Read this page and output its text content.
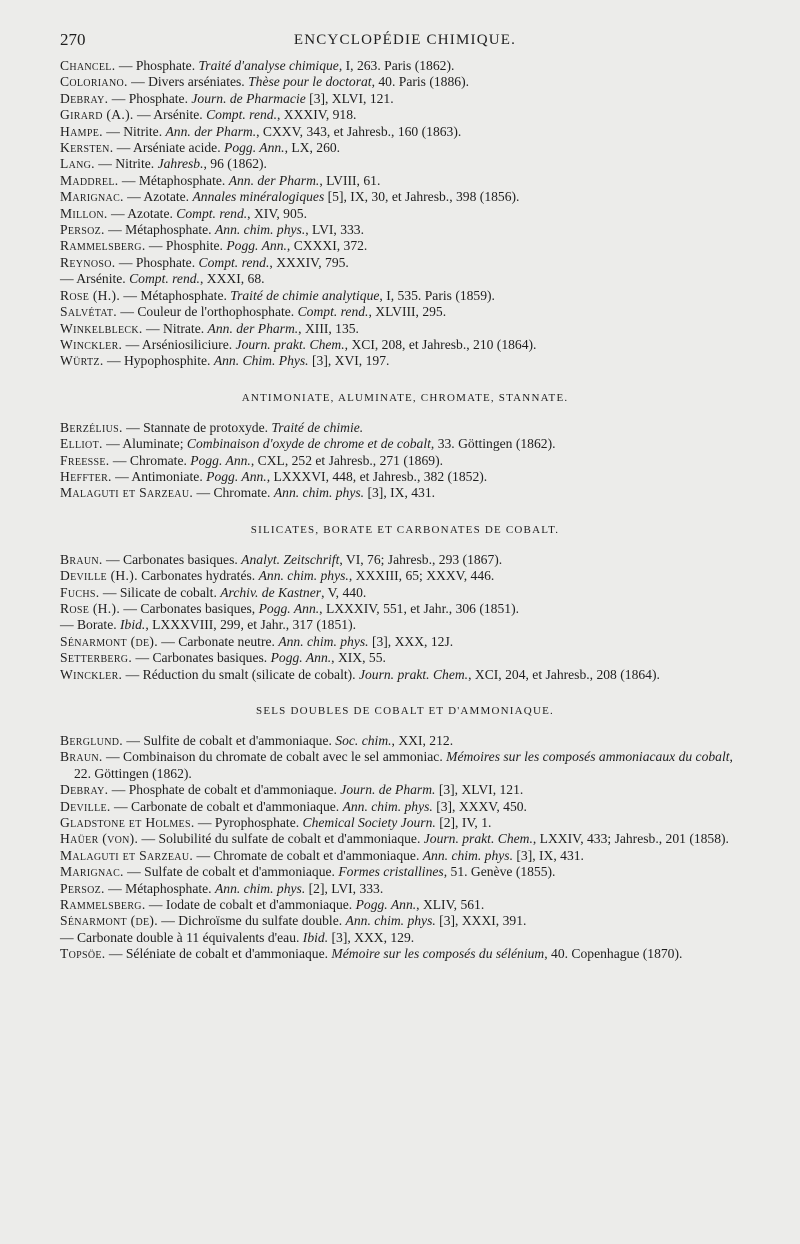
270	ENCYCLOPÉDIE CHIMIQUE.

Chancel. — Phosphate. Traité d'analyse chimique, I, 263. Paris (1862).

Coloriano. — Divers arséniates. Thèse pour le doctorat, 40. Paris (1886).

Debray. — Phosphate. Journ. de Pharmacie [3], XLVI, 121.

Girard (A.). — Arsénite. Compt. rend., XXXIV, 918.

Hampe. — Nitrite. Ann. der Pharm., CXXV, 343, et Jahresb., 160 (1863).

Kersten. — Arséniate acide. Pogg. Ann., LX, 260.

Lang. — Nitrite. Jahresb., 96 (1862).

Maddrel. — Métaphosphate. Ann. der Pharm., LVIII, 61.

Marignac. — Azotate. Annales minéralogiques [5], IX, 30, et Jahresb., 398 (1856).

Millon. — Azotate. Compt. rend., XIV, 905.

Persoz. — Métaphosphate. Ann. chim. phys., LVI, 333.

Rammelsberg. — Phosphite. Pogg. Ann., CXXXI, 372.

Reynoso. — Phosphate. Compt. rend., XXXIV, 795.

— Arsénite. Compt. rend., XXXI, 68.

Rose (H.). — Métaphosphate. Traité de chimie analytique, I, 535. Paris (1859).

Salvétat. — Couleur de l'orthophosphate. Compt. rend., XLVIII, 295.

Winkelbleck. — Nitrate. Ann. der Pharm., XIII, 135.

Winckler. — Arséniosiliciure. Journ. prakt. Chem., XCI, 208, et Jahresb., 210 (1864).

Würtz. — Hypophosphite. Ann. Chim. Phys. [3], XVI, 197.

ANTIMONIATE, ALUMINATE, CHROMATE, STANNATE.

Berzélius. — Stannate de protoxyde. Traité de chimie.

Elliot. — Aluminate; Combinaison d'oxyde de chrome et de cobalt, 33. Göttingen (1862).

Freesse. — Chromate. Pogg. Ann., CXL, 252 et Jahresb., 271 (1869).

Heffter. — Antimoniate. Pogg. Ann., LXXXVI, 448, et Jahresb., 382 (1852).

Malaguti et Sarzeau. — Chromate. Ann. chim. phys. [3], IX, 431.

SILICATES, BORATE ET CARBONATES DE COBALT.

Braun. — Carbonates basiques. Analyt. Zeitschrift, VI, 76; Jahresb., 293 (1867).

Deville (H.). Carbonates hydratés. Ann. chim. phys., XXXIII, 65; XXXV, 446.

Fuchs. — Silicate de cobalt. Archiv. de Kastner, V, 440.

Rose (H.). — Carbonates basiques, Pogg. Ann., LXXXIV, 551, et Jahr., 306 (1851).

— Borate. Ibid., LXXXVIII, 299, et Jahr., 317 (1851).

Sénarmont (de). — Carbonate neutre. Ann. chim. phys. [3], XXX, 12J.

Setterberg. — Carbonates basiques. Pogg. Ann., XIX, 55.

Winckler. — Réduction du smalt (silicate de cobalt). Journ. prakt. Chem., XCI, 204, et Jahresb., 208 (1864).

SELS DOUBLES DE COBALT ET D'AMMONIAQUE.

Berglund. — Sulfite de cobalt et d'ammoniaque. Soc. chim., XXI, 212.

Braun. — Combinaison du chromate de cobalt avec le sel ammoniac. Mémoires sur les composés ammoniacaux du cobalt, 22. Göttingen (1862).

Debray. — Phosphate de cobalt et d'ammoniaque. Journ. de Pharm. [3], XLVI, 121.

Deville. — Carbonate de cobalt et d'ammoniaque. Ann. chim. phys. [3], XXXV, 450.

Gladstone et Holmes. — Pyrophosphate. Chemical Society Journ. [2], IV, 1.

Haüer (von). — Solubilité du sulfate de cobalt et d'ammoniaque. Journ. prakt. Chem., LXXIV, 433; Jahresb., 201 (1858).

Malaguti et Sarzeau. — Chromate de cobalt et d'ammoniaque. Ann. chim. phys. [3], IX, 431.

Marignac. — Sulfate de cobalt et d'ammoniaque. Formes cristallines, 51. Genève (1855).

Persoz. — Métaphosphate. Ann. chim. phys. [2], LVI, 333.

Rammelsberg. — Iodate de cobalt et d'ammoniaque. Pogg. Ann., XLIV, 561.

Sénarmont (de). — Dichroïsme du sulfate double. Ann. chim. phys. [3], XXXI, 391.

— Carbonate double à 11 équivalents d'eau. Ibid. [3], XXX, 129.

Topsöe. — Séléniate de cobalt et d'ammoniaque. Mémoire sur les composés du sélénium, 40. Copenhague (1870).
